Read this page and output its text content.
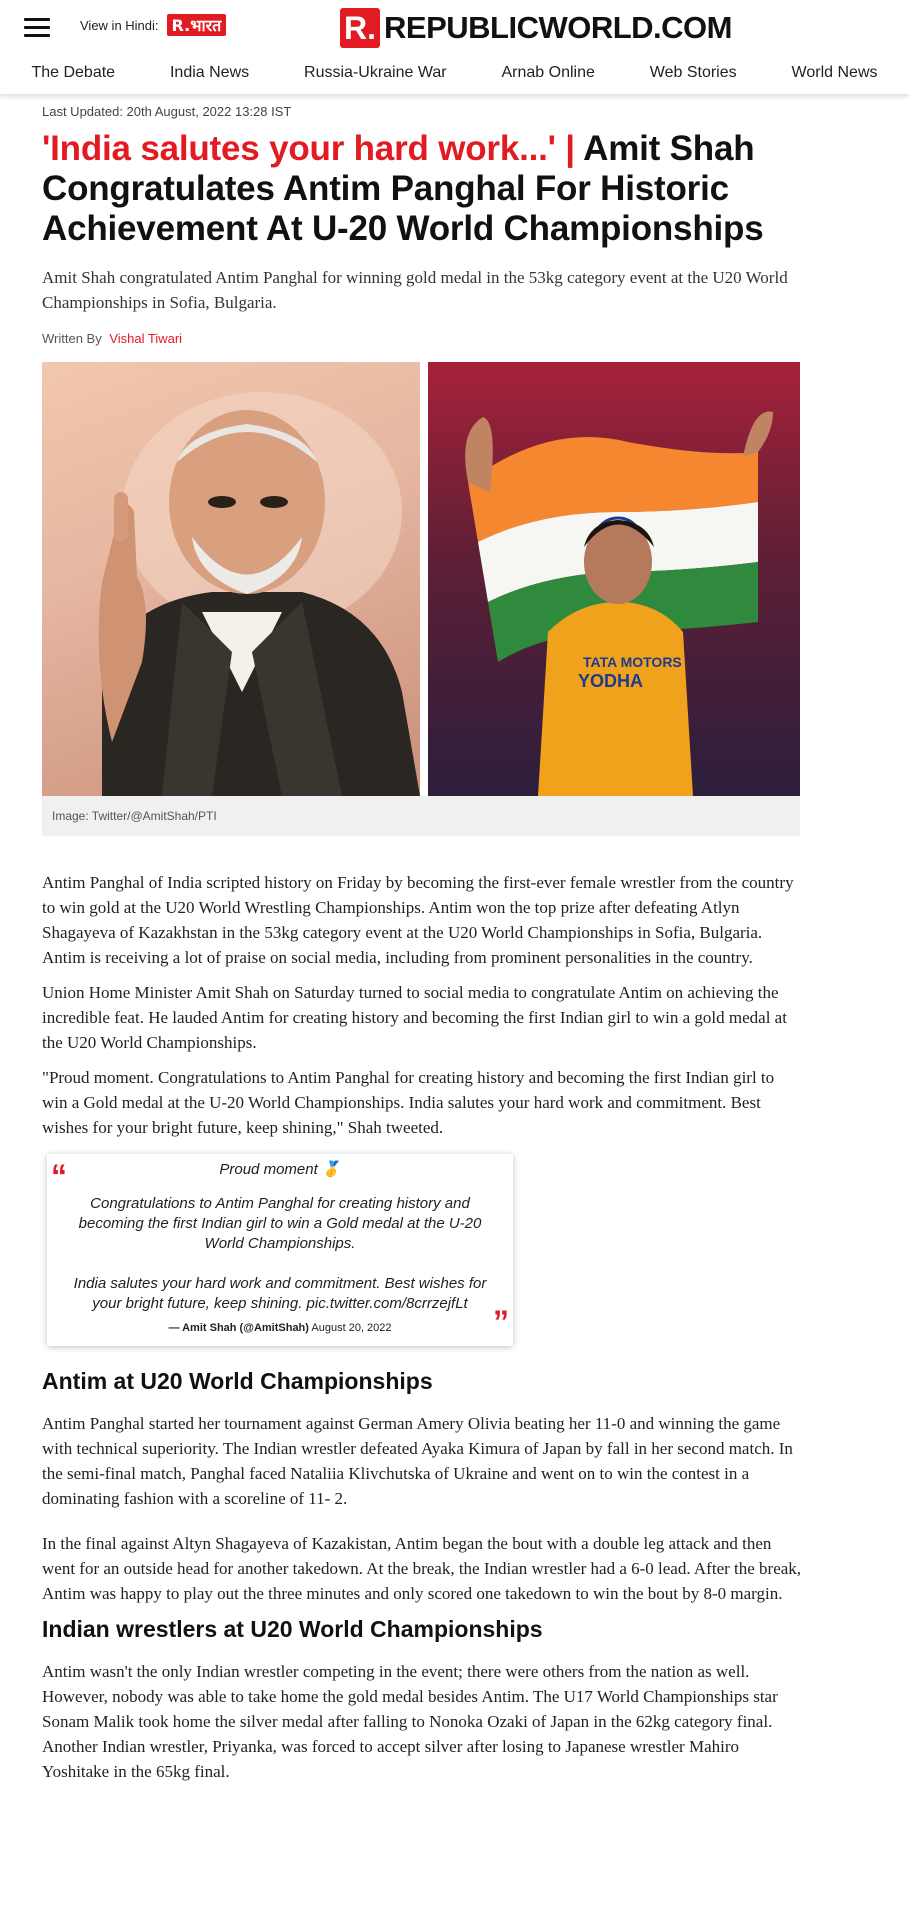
View in Hindi: R.भारत	R. REPUBLICWORLD.COM
The Debate	India News	Russia-Ukraine War	Arnab Online	Web Stories	World News
Last Updated: 20th August, 2022 13:28 IST
'India salutes your hard work...' | Amit Shah Congratulates Antim Panghal For Historic Achievement At U-20 World Championships

Amit Shah congratulated Antim Panghal for winning gold medal in the 53kg category event at the U20 World Championships in Sofia, Bulgaria.

Written By Vishal Tiwari
TATA MOTORS
YODHA
Image: Twitter/@AmitShah/PTI

Antim Panghal of India scripted history on Friday by becoming the first-ever female wrestler from the country to win gold at the U20 World Wrestling Championships. Antim won the top prize after defeating Atlyn Shagayeva of Kazakhstan in the 53kg category event at the U20 World Championships in Sofia, Bulgaria. Antim is receiving a lot of praise on social media, including from prominent personalities in the country.

Union Home Minister Amit Shah on Saturday turned to social media to congratulate Antim on achieving the incredible feat. He lauded Antim for creating history and becoming the first Indian girl to win a gold medal at the U20 World Championships.

"Proud moment. Congratulations to Antim Panghal for creating history and becoming the first Indian girl to win a Gold medal at the U-20 World Championships. India salutes your hard work and commitment. Best wishes for your bright future, keep shining," Shah tweeted.

“	Proud moment 🥇
Congratulations to Antim Panghal for creating history and becoming the first Indian girl to win a Gold medal at the U-20 World Championships.
India salutes your hard work and commitment. Best wishes for your bright future, keep shining. pic.twitter.com/8crrzejfLt
— Amit Shah (@AmitShah) August 20, 2022	”
Antim at U20 World Championships

Antim Panghal started her tournament against German Amery Olivia beating her 11-0 and winning the game with technical superiority. The Indian wrestler defeated Ayaka Kimura of Japan by fall in her second match. In the semi-final match, Panghal faced Nataliia Klivchutska of Ukraine and went on to win the contest in a dominating fashion with a scoreline of 11- 2.

In the final against Altyn Shagayeva of Kazakistan, Antim began the bout with a double leg attack and then went for an outside head for another takedown. At the break, the Indian wrestler had a 6-0 lead. After the break, Antim was happy to play out the three minutes and only scored one takedown to win the bout by 8-0 margin.

Indian wrestlers at U20 World Championships

Antim wasn't the only Indian wrestler competing in the event; there were others from the nation as well. However, nobody was able to take home the gold medal besides Antim. The U17 World Championships star Sonam Malik took home the silver medal after falling to Nonoka Ozaki of Japan in the 62kg category final. Another Indian wrestler, Priyanka, was forced to accept silver after losing to Japanese wrestler Mahiro Yoshitake in the 65kg final.
